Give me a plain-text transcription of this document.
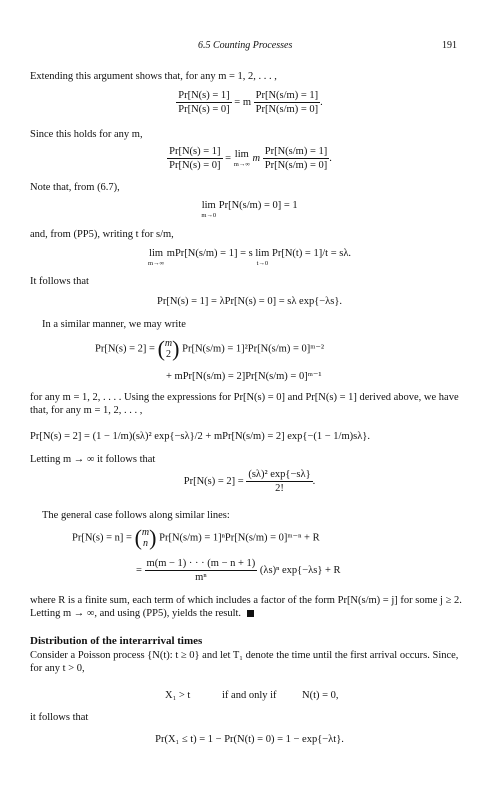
6.5 Counting Processes	191
Extending this argument shows that, for any m = 1, 2, . . . ,
$\frac{Pr[N(s) = 1]}{Pr[N(s) = 0]} = m \frac{Pr[N(s/m) = 1]}{Pr[N(s/m) = 0]}$ .
Since this holds for any m,
$\frac{Pr[N(s) = 1]}{Pr[N(s) = 0]} = \lim$
m→∞
m $\frac{Pr[N(s/m) = 1]}{Pr[N(s/m) = 0]}$ .
Note that, from (6.7),
lim
m→0
Pr[N(s/m) = 0] = 1
and, from (PP5), writing t for s/m,
lim
m→∞
mPr[N(s/m) = 1] = s lim
t→0
Pr[N(t) = 1]/t = sλ.
It follows that
Pr[N(s) = 1] = λPr[N(s) = 0] = sλ exp{−λs}.
In a similar manner, we may write
Pr[N(s) = 2] = (m
2) Pr[N(s/m) = 1]²Pr[N(s/m) = 0]ᵐ⁻²
+ mPr[N(s/m) = 2]Pr[N(s/m) = 0]ᵐ⁻¹
for any m = 1, 2, . . . . Using the expressions for Pr[N(s) = 0] and Pr[N(s) = 1] derived above, we have that, for any m = 1, 2, . . . ,
Pr[N(s) = 2] = (1 − 1/m)(sλ)² exp{−sλ}/2 + mPr[N(s/m) = 2] exp{−(1 − 1/m)sλ}.
Letting m → ∞ it follows that
$Pr[N(s) = 2] = \frac{\text{(sλ)² exp\{−sλ\}}}{2!}$ .
The general case follows along similar lines:
Pr[N(s) = n] = (m
n) Pr[N(s/m) = 1]ⁿPr[N(s/m) = 0]ᵐ⁻ⁿ + R
= $\frac{m(m - 1) \cdot \cdot \cdot (m - n + 1)}{\text{mⁿ}} (\lambda s)^n$ exp{−λs} + R
where R is a finite sum, each term of which includes a factor of the form Pr[N(s/m) = j] for some j ≥ 2. Letting m → ∞, and using (PP5), yields the result.
Distribution of the interarrival times
Consider a Poisson process {N(t): t ≥ 0} and let T₁ denote the time until the first arrival occurs. Since, for any t > 0,
X₁ > t	if and only if N(t) = 0,
it follows that
Pr(X₁ ≤ t) = 1 − Pr(N(t) = 0) = 1 − exp{−λt}.
